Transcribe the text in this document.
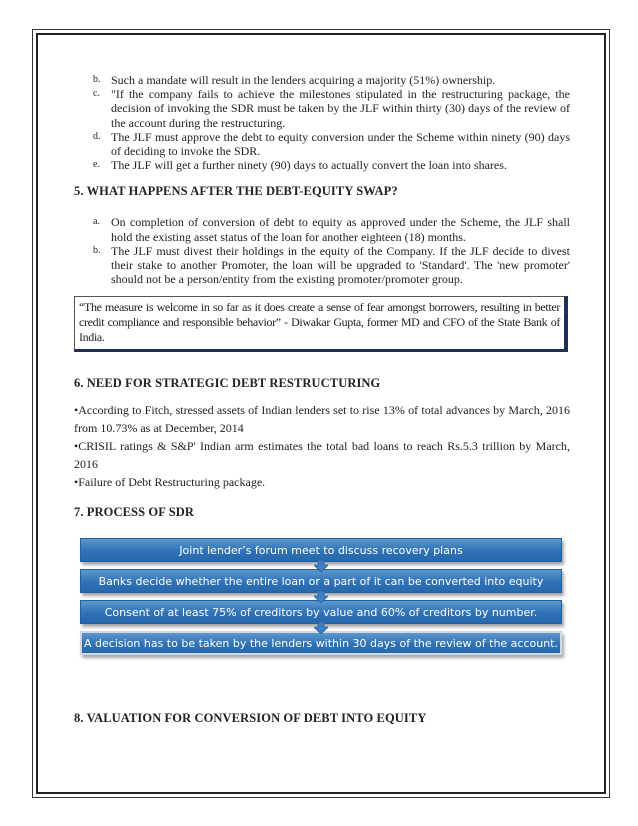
b. Such a mandate will result in the lenders acquiring a majority (51%) ownership.
c. "If the company fails to achieve the milestones stipulated in the restructuring package, the decision of invoking the SDR must be taken by the JLF within thirty (30) days of the review of the account during the restructuring.
d. The JLF must approve the debt to equity conversion under the Scheme within ninety (90) days of deciding to invoke the SDR.
e. The JLF will get a further ninety (90) days to actually convert the loan into shares.
5. WHAT HAPPENS AFTER THE DEBT-EQUITY SWAP?
a. On completion of conversion of debt to equity as approved under the Scheme, the JLF shall hold the existing asset status of the loan for another eighteen (18) months.
b. The JLF must divest their holdings in the equity of the Company. If the JLF decide to divest their stake to another Promoter, the loan will be upgraded to 'Standard'. The 'new promoter' should not be a person/entity from the existing promoter/promoter group.
“The measure is welcome in so far as it does create a sense of fear amongst borrowers, resulting in better credit compliance and responsible behavior” - Diwakar Gupta, former MD and CFO of the State Bank of India.
6. NEED FOR STRATEGIC DEBT RESTRUCTURING

•According to Fitch, stressed assets of Indian lenders set to rise 13% of total advances by March, 2016 from 10.73% as at December, 2014

•CRISIL ratings & S&P' Indian arm estimates the total bad loans to reach Rs.5.3 trillion by March, 2016

•Failure of Debt Restructuring package.

7. PROCESS OF SDR
Joint lender’s forum meet to discuss recovery plans
Banks decide whether the entire loan or a part of it can be converted into equity
Consent of at least 75% of creditors by value and 60% of creditors by number.
A decision has to be taken by the lenders within 30 days of the review of the account.
8. VALUATION FOR CONVERSION OF DEBT INTO EQUITY
